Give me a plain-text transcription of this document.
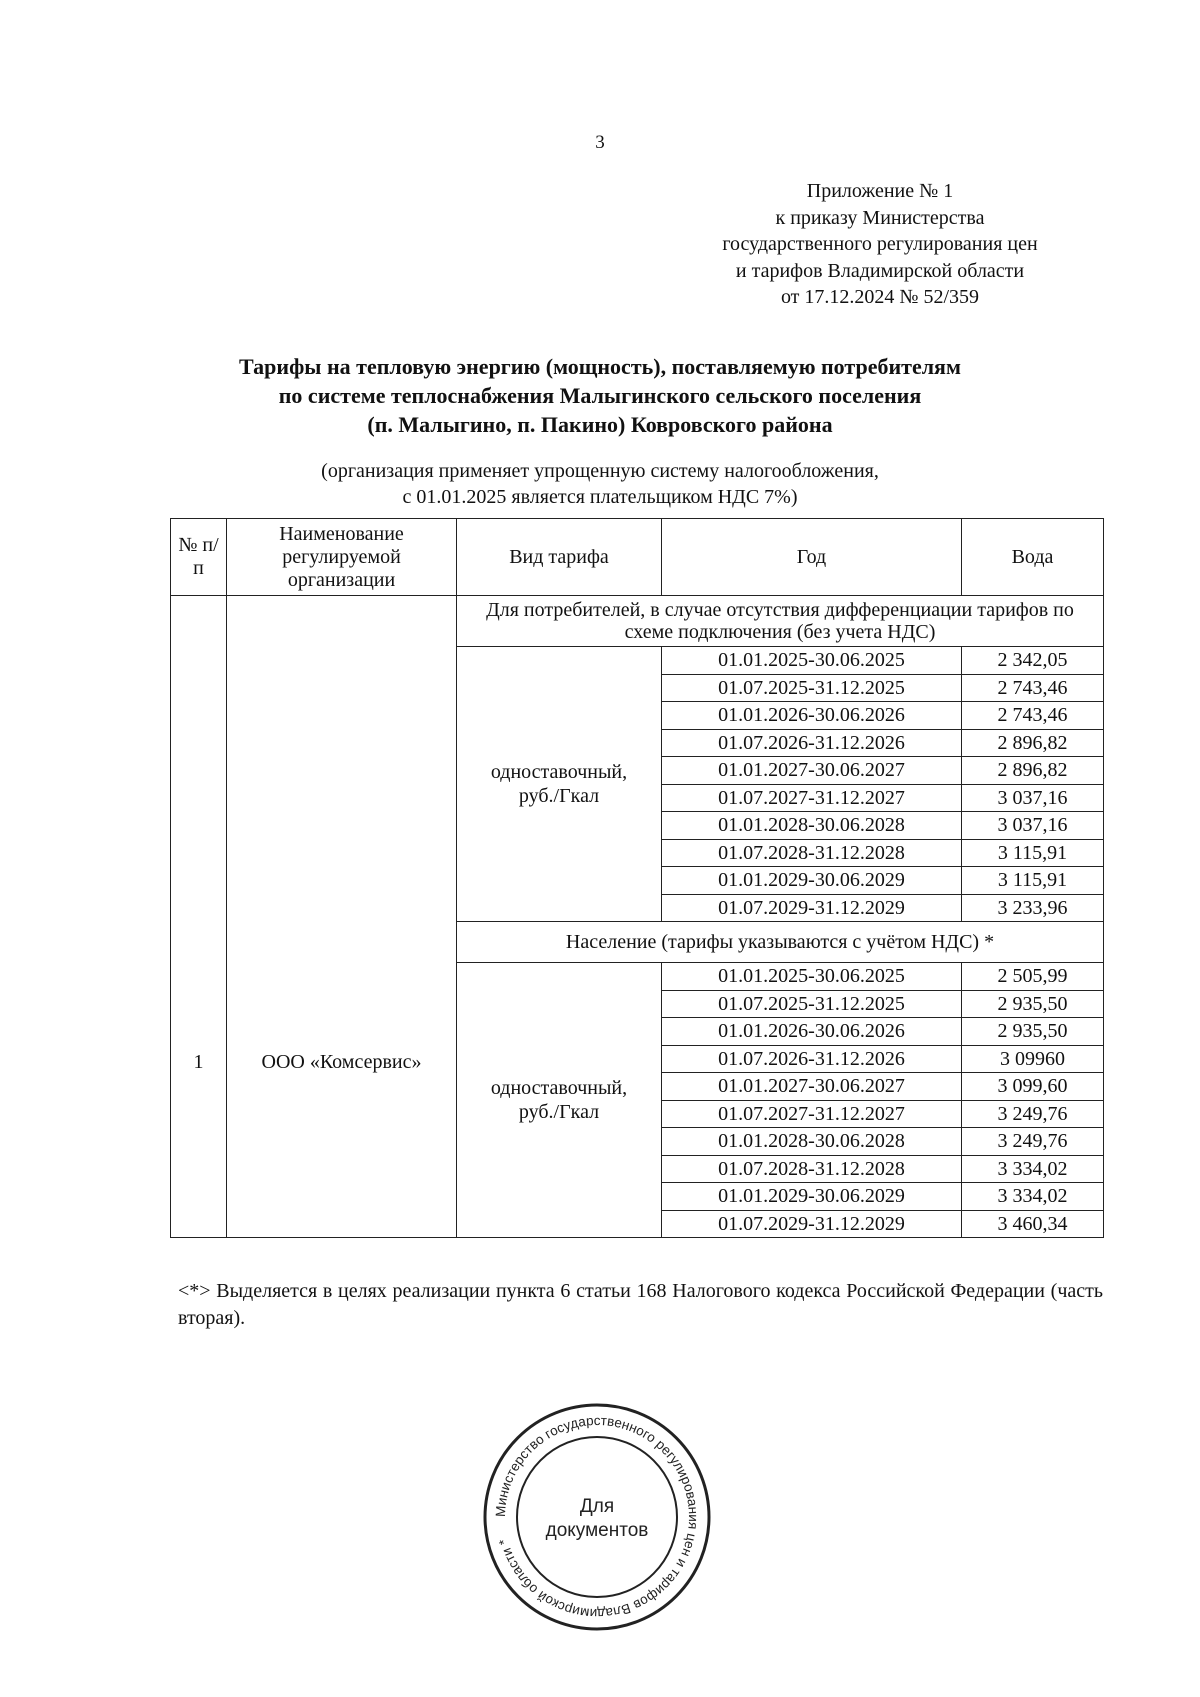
3
Приложение № 1
к приказу Министерства
государственного регулирования цен
и тарифов Владимирской области
от 17.12.2024 № 52/359
Тарифы на тепловую энергию (мощность), поставляемую потребителям
по системе теплоснабжения Малыгинского сельского поселения
(п. Малыгино, п. Пакино) Ковровского района
(организация применяет упрощенную систему налогообложения,
с 01.01.2025 является плательщиком НДС 7%)
№ п/п	Наименование регулируемой организации	Вид тарифа	Год	Вода
1	ООО «Комсервис»	Для потребителей, в случае отсутствия дифференциации тарифов по схеме подключения (без учета НДС)		
		одноставочный, руб./Гкал	01.01.2025-30.06.2025	2 342,05
			01.07.2025-31.12.2025	2 743,46
			01.01.2026-30.06.2026	2 743,46
			01.07.2026-31.12.2026	2 896,82
			01.01.2027-30.06.2027	2 896,82
			01.07.2027-31.12.2027	3 037,16
			01.01.2028-30.06.2028	3 037,16
			01.07.2028-31.12.2028	3 115,91
			01.01.2029-30.06.2029	3 115,91
			01.07.2029-31.12.2029	3 233,96
		Население (тарифы указываются с учётом НДС) *		
		одноставочный, руб./Гкал	01.01.2025-30.06.2025	2 505,99
			01.07.2025-31.12.2025	2 935,50
			01.01.2026-30.06.2026	2 935,50
			01.07.2026-31.12.2026	3 09960
			01.01.2027-30.06.2027	3 099,60
			01.07.2027-31.12.2027	3 249,76
			01.01.2028-30.06.2028	3 249,76
			01.07.2028-31.12.2028	3 334,02
			01.01.2029-30.06.2029	3 334,02
			01.07.2029-31.12.2029	3 460,34
<*> Выделяется в целях реализации пункта 6 статьи 168 Налогового кодекса Российской Федерации (часть вторая).
Министерство государственного регулирования цен и тарифов Владимирской области *
Для
документов
